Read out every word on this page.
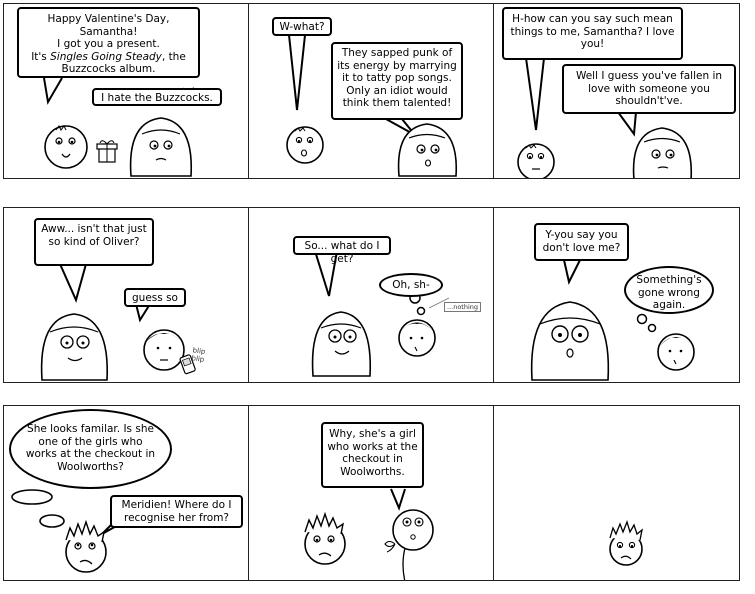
Happy Valentine's Day, Samantha!
I got you a present.
It's Singles Going Steady, the
Buzzcocks album.
I hate the Buzzcocks.
W-what?
They sapped punk of its energy by marrying it to tatty pop songs. Only an idiot would think them talented!
H-how can you say such mean things to me, Samantha? I love you!
Well I guess you've fallen in love with someone you shouldn't've.
Aww... isn't that just so kind of Oliver?
guess so
blip blip
So... what do I get?
Oh, sh-
...nothing
Y-you say you don't love me?
Something's gone wrong again.
She looks familar. Is she one of the girls who works at the checkout in Woolworths?
Meridien! Where do I recognise her from?
Why, she's a girl who works at the checkout in Woolworths.
